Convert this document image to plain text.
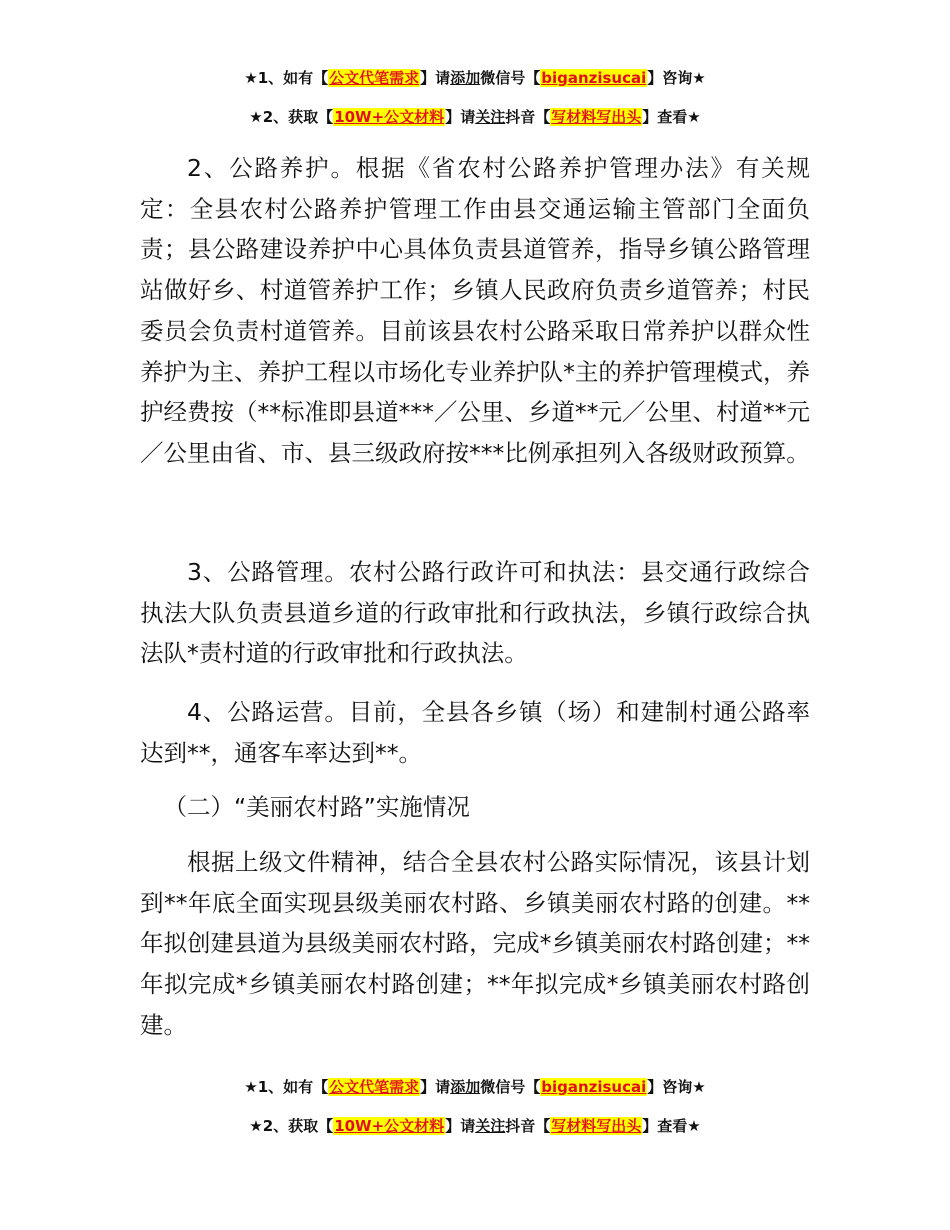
★1、如有【公文代笔需求】请添加微信号【biganzisucai】咨询★
★2、获取【10W+公文材料】请关注抖音【写材料写出头】查看★

2、公路养护。根据《省农村公路养护管理办法》有关规定：全县农村公路养护管理工作由县交通运输主管部门全面负责；县公路建设养护中心具体负责县道管养，指导乡镇公路管理站做好乡、村道管养护工作；乡镇人民政府负责乡道管养；村民委员会负责村道管养。目前该县农村公路采取日常养护以群众性养护为主、养护工程以市场化专业养护队*主的养护管理模式，养护经费按（**标准即县道***／公里、乡道**元／公里、村道**元／公里由省、市、县三级政府按***比例承担列入各级财政预算。

3、公路管理。农村公路行政许可和执法：县交通行政综合执法大队负责县道乡道的行政审批和行政执法，乡镇行政综合执法队*责村道的行政审批和行政执法。

4、公路运营。目前，全县各乡镇（场）和建制村通公路率达到**，通客车率达到**。

（二）“美丽农村路”实施情况

根据上级文件精神，结合全县农村公路实际情况，该县计划到**年底全面实现县级美丽农村路、乡镇美丽农村路的创建。**年拟创建县道为县级美丽农村路，完成*乡镇美丽农村路创建；**年拟完成*乡镇美丽农村路创建；**年拟完成*乡镇美丽农村路创建。

★1、如有【公文代笔需求】请添加微信号【biganzisucai】咨询★
★2、获取【10W+公文材料】请关注抖音【写材料写出头】查看★
